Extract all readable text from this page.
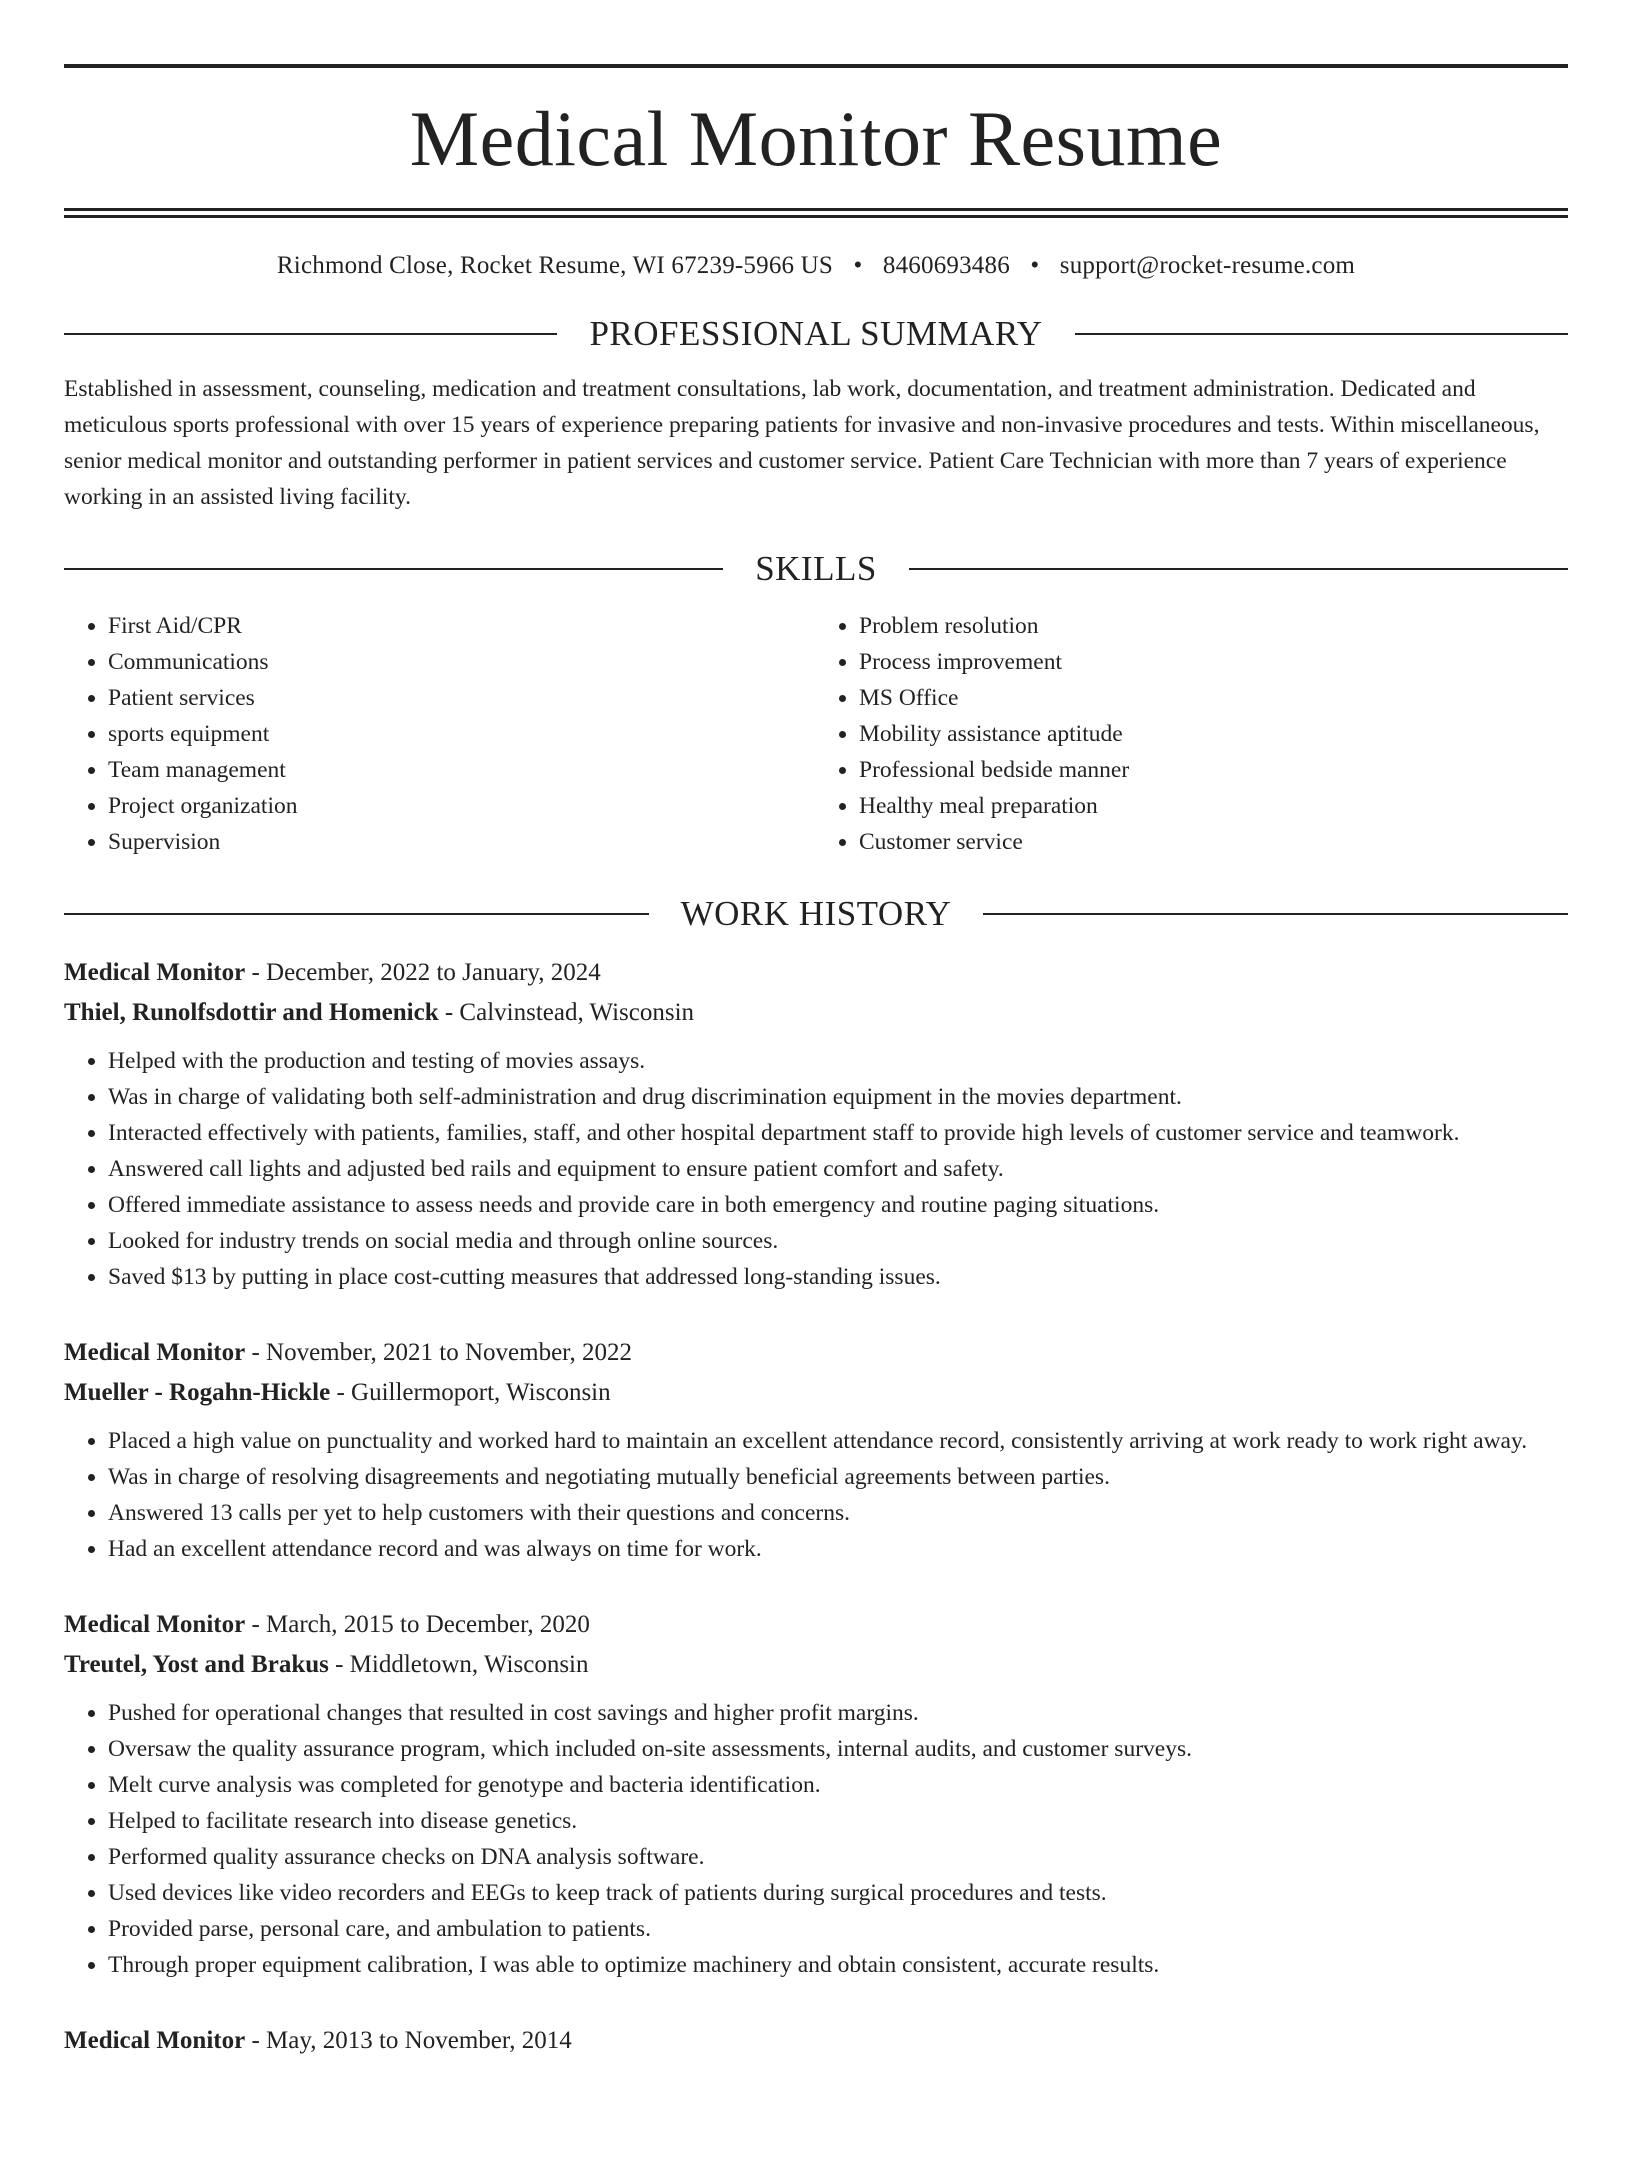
Medical Monitor Resume
Richmond Close, Rocket Resume, WI 67239-5966 US • 8460693486 • support@rocket-resume.com
PROFESSIONAL SUMMARY
Established in assessment, counseling, medication and treatment consultations, lab work, documentation, and treatment administration. Dedicated and meticulous sports professional with over 15 years of experience preparing patients for invasive and non-invasive procedures and tests. Within miscellaneous, senior medical monitor and outstanding performer in patient services and customer service. Patient Care Technician with more than 7 years of experience working in an assisted living facility.
SKILLS
• First Aid/CPR
• Communications
• Patient services
• sports equipment
• Team management
• Project organization
• Supervision
• Problem resolution
• Process improvement
• MS Office
• Mobility assistance aptitude
• Professional bedside manner
• Healthy meal preparation
• Customer service
WORK HISTORY
Medical Monitor - December, 2022 to January, 2024
Thiel, Runolfsdottir and Homenick - Calvinstead, Wisconsin
• Helped with the production and testing of movies assays.
• Was in charge of validating both self-administration and drug discrimination equipment in the movies department.
• Interacted effectively with patients, families, staff, and other hospital department staff to provide high levels of customer service and teamwork.
• Answered call lights and adjusted bed rails and equipment to ensure patient comfort and safety.
• Offered immediate assistance to assess needs and provide care in both emergency and routine paging situations.
• Looked for industry trends on social media and through online sources.
• Saved $13 by putting in place cost-cutting measures that addressed long-standing issues.
Medical Monitor - November, 2021 to November, 2022
Mueller - Rogahn-Hickle - Guillermoport, Wisconsin
• Placed a high value on punctuality and worked hard to maintain an excellent attendance record, consistently arriving at work ready to work right away.
• Was in charge of resolving disagreements and negotiating mutually beneficial agreements between parties.
• Answered 13 calls per yet to help customers with their questions and concerns.
• Had an excellent attendance record and was always on time for work.
Medical Monitor - March, 2015 to December, 2020
Treutel, Yost and Brakus - Middletown, Wisconsin
• Pushed for operational changes that resulted in cost savings and higher profit margins.
• Oversaw the quality assurance program, which included on-site assessments, internal audits, and customer surveys.
• Melt curve analysis was completed for genotype and bacteria identification.
• Helped to facilitate research into disease genetics.
• Performed quality assurance checks on DNA analysis software.
• Used devices like video recorders and EEGs to keep track of patients during surgical procedures and tests.
• Provided parse, personal care, and ambulation to patients.
• Through proper equipment calibration, I was able to optimize machinery and obtain consistent, accurate results.
Medical Monitor - May, 2013 to November, 2014
